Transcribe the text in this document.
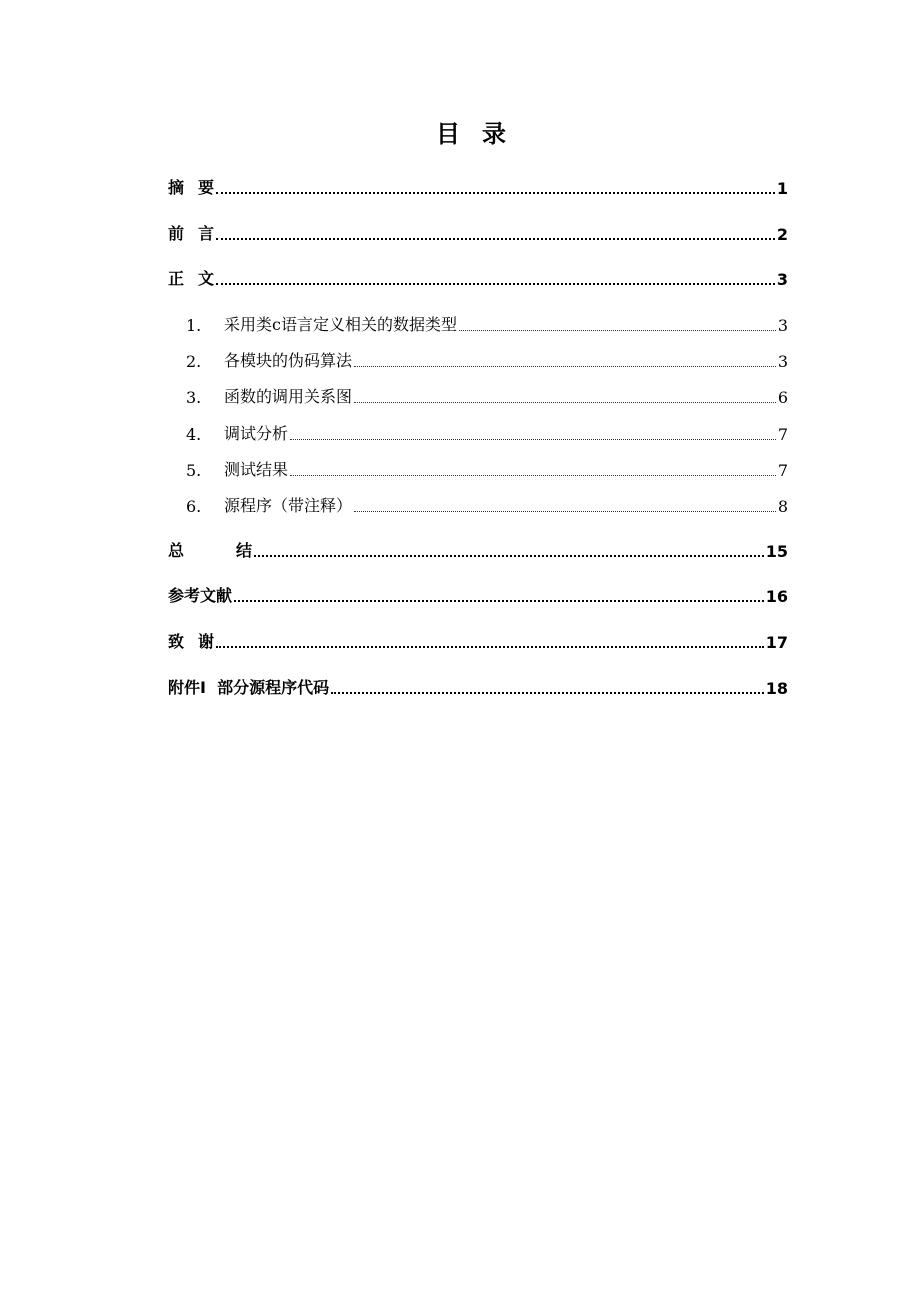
目录
摘要	1
前言	2
正文	3
1.	采用类c语言定义相关的数据类型	3
2.	各模块的伪码算法	3
3.	函数的调用关系图	6
4.	调试分析	7
5.	测试结果	7
6.	源程序（带注释）	8
总结	15
参考文献	16
致谢	17
附件Ⅰ  部分源程序代码	18
